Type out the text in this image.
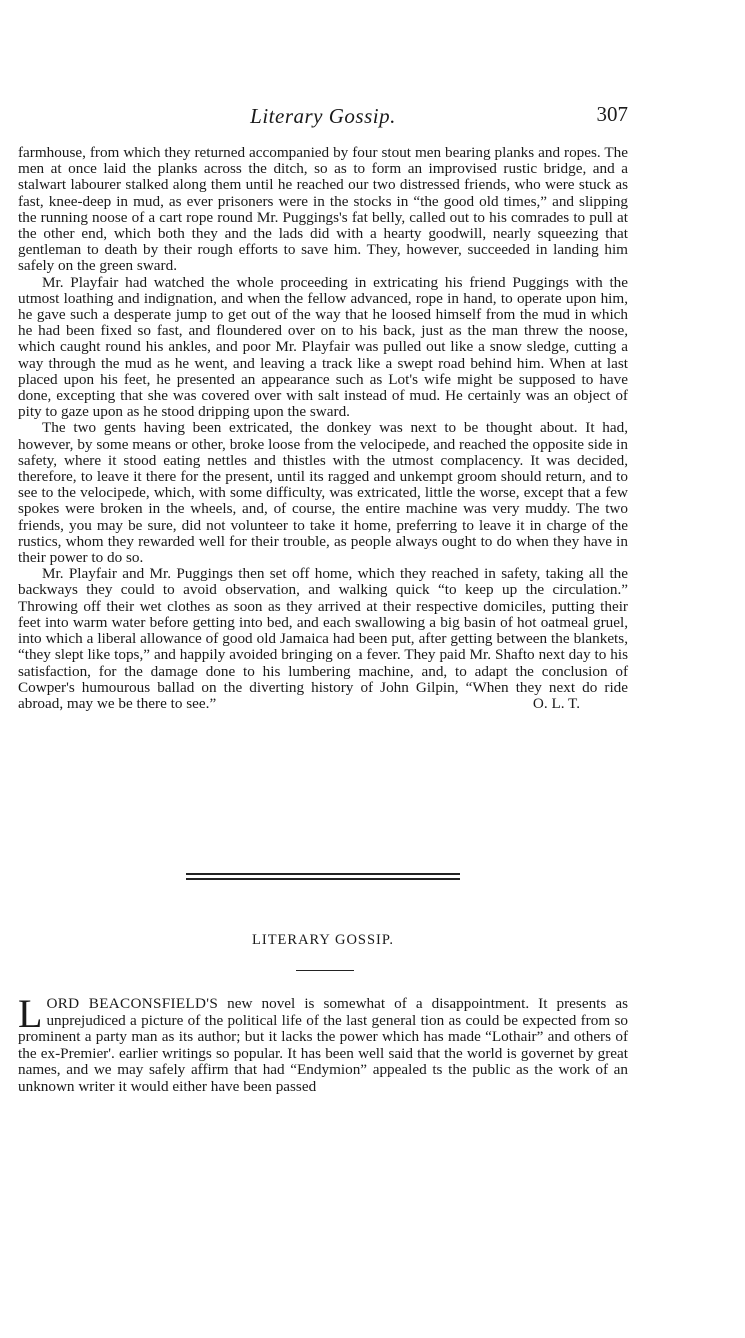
Literary Gossip.	307

farmhouse, from which they returned accompanied by four stout men bearing planks and ropes. The men at once laid the planks across the ditch, so as to form an improvised rustic bridge, and a stalwart labourer stalked along them until he reached our two distressed friends, who were stuck as fast, knee-deep in mud, as ever prisoners were in the stocks in “the good old times,” and slipping the running noose of a cart rope round Mr. Puggings's fat belly, called out to his comrades to pull at the other end, which both they and the lads did with a hearty goodwill, nearly squeezing that gentleman to death by their rough efforts to save him. They, however, succeeded in landing him safely on the green sward.

Mr. Playfair had watched the whole proceeding in extricating his friend Puggings with the utmost loathing and indignation, and when the fellow advanced, rope in hand, to operate upon him, he gave such a desperate jump to get out of the way that he loosed himself from the mud in which he had been fixed so fast, and floundered over on to his back, just as the man threw the noose, which caught round his ankles, and poor Mr. Playfair was pulled out like a snow sledge, cutting a way through the mud as he went, and leaving a track like a swept road behind him. When at last placed upon his feet, he presented an appearance such as Lot's wife might be supposed to have done, excepting that she was covered over with salt instead of mud. He certainly was an object of pity to gaze upon as he stood dripping upon the sward.

The two gents having been extricated, the donkey was next to be thought about. It had, however, by some means or other, broke loose from the velocipede, and reached the opposite side in safety, where it stood eating nettles and thistles with the utmost complacency. It was decided, therefore, to leave it there for the present, until its ragged and unkempt groom should return, and to see to the velocipede, which, with some difficulty, was extricated, little the worse, except that a few spokes were broken in the wheels, and, of course, the entire machine was very muddy. The two friends, you may be sure, did not volunteer to take it home, preferring to leave it in charge of the rustics, whom they rewarded well for their trouble, as people always ought to do when they have in their power to do so.

Mr. Playfair and Mr. Puggings then set off home, which they reached in safety, taking all the backways they could to avoid observation, and walking quick “to keep up the circulation.” Throwing off their wet clothes as soon as they arrived at their respective domiciles, putting their feet into warm water before getting into bed, and each swallowing a big basin of hot oatmeal gruel, into which a liberal allowance of good old Jamaica had been put, after getting between the blankets, “they slept like tops,” and happily avoided bringing on a fever. They paid Mr. Shafto next day to his satisfaction, for the damage done to his lumbering machine, and, to adapt the conclusion of Cowper's humourous ballad on the diverting history of John Gilpin, “When they next do ride abroad, may we be there to see.”	O. L. T.
LITERARY GOSSIP.

LORD BEACONSFIELD'S new novel is somewhat of a disappointment. It presents as unprejudiced a picture of the political life of the last general tion as could be expected from so prominent a party man as its author; but it lacks the power which has made “Lothair” and others of the ex-Premier'. earlier writings so popular. It has been well said that the world is governet by great names, and we may safely affirm that had “Endymion” appealed ts the public as the work of an unknown writer it would either have been passed
